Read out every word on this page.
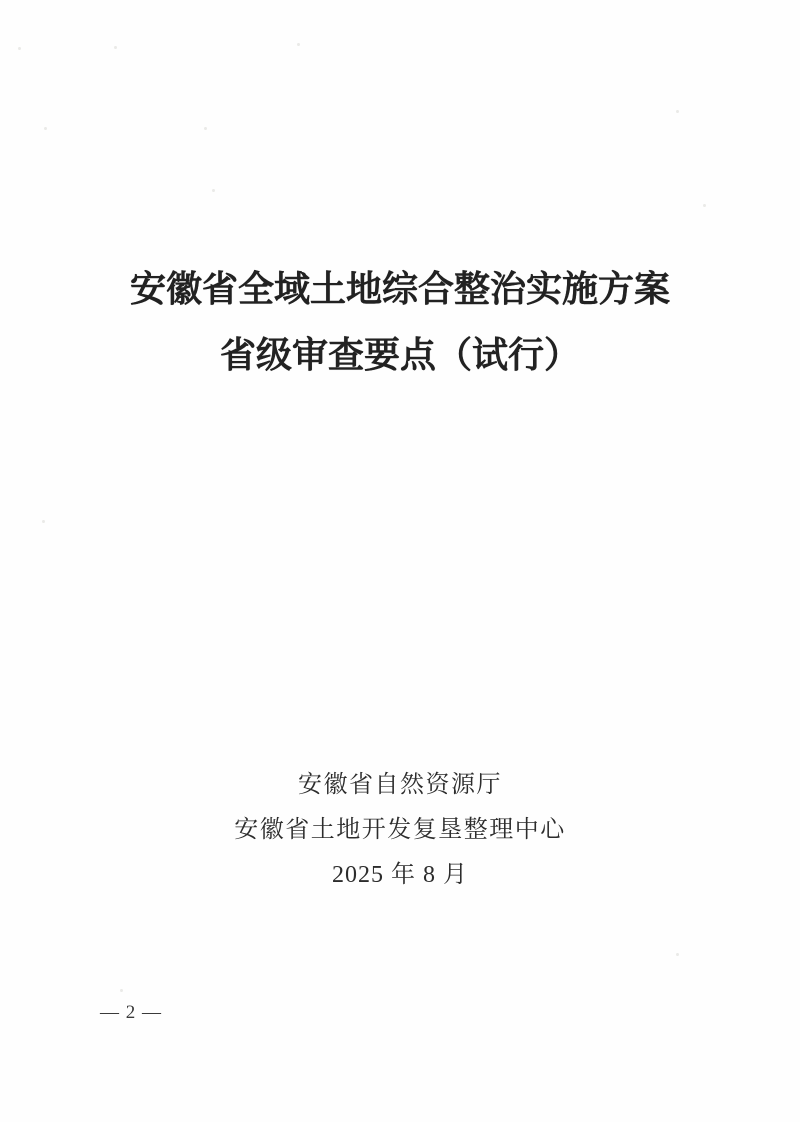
安徽省全域土地综合整治实施方案
省级审查要点（试行）
安徽省自然资源厅
安徽省土地开发复垦整理中心
2025 年 8 月
— 2 —
